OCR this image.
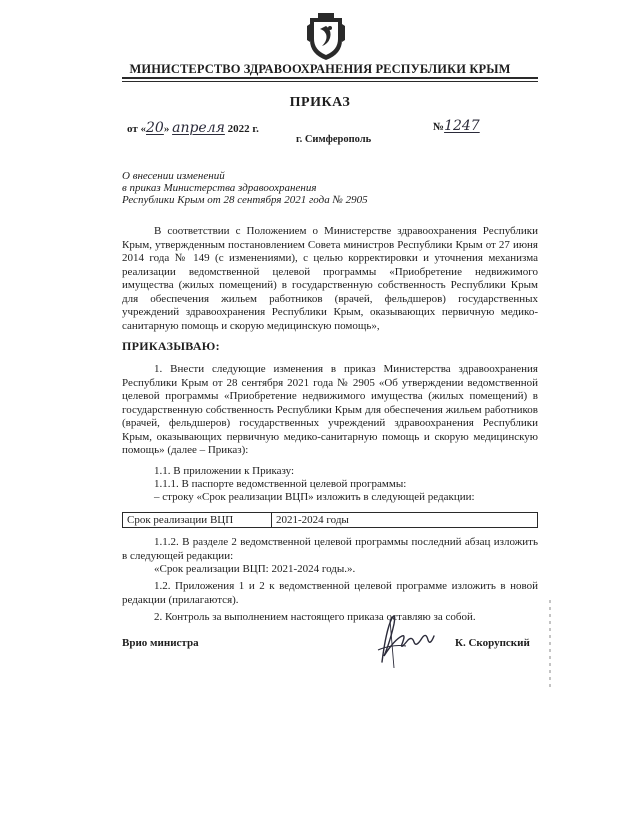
МИНИСТЕРСТВО ЗДРАВООХРАНЕНИЯ РЕСПУБЛИКИ КРЫМ
ПРИКАЗ
от «20» апреля 2022 г.
г. Симферополь
№1247
О внесении изменений
в приказ Министерства здравоохранения
Республики Крым от 28 сентября 2021 года № 2905

В соответствии с Положением о Министерстве здравоохранения Республики Крым, утвержденным постановлением Совета министров Республики Крым от 27 июня 2014 года № 149 (с изменениями), с целью корректировки и уточнения механизма реализации ведомственной целевой программы «Приобретение недвижимого имущества (жилых помещений) в государственную собственность Республики Крым для обеспечения жильем работников (врачей, фельдшеров) государственных учреждений здравоохранения Республики Крым, оказывающих первичную медико-санитарную помощь и скорую медицинскую помощь»,

ПРИКАЗЫВАЮ:

1. Внести следующие изменения в приказ Министерства здравоохранения Республики Крым от 28 сентября 2021 года № 2905 «Об утверждении ведомственной целевой программы «Приобретение недвижимого имущества (жилых помещений) в государственную собственность Республики Крым для обеспечения жильем работников (врачей, фельдшеров) государственных учреждений здравоохранения Республики Крым, оказывающих первичную медико-санитарную помощь и скорую медицинскую помощь» (далее – Приказ):

1.1. В приложении к Приказу:
1.1.1. В паспорте ведомственной целевой программы:
– строку «Срок реализации ВЦП» изложить в следующей редакции:
Срок реализации ВЦП	2021-2024 годы

1.1.2. В разделе 2 ведомственной целевой программы последний абзац изложить в следующей редакции:

«Срок реализации ВЦП: 2021-2024 годы.».

1.2. Приложения 1 и 2 к ведомственной целевой программе изложить в новой редакции (прилагаются).

2. Контроль за выполнением настоящего приказа оставляю за собой.
Врио министра	К. Скорупский
